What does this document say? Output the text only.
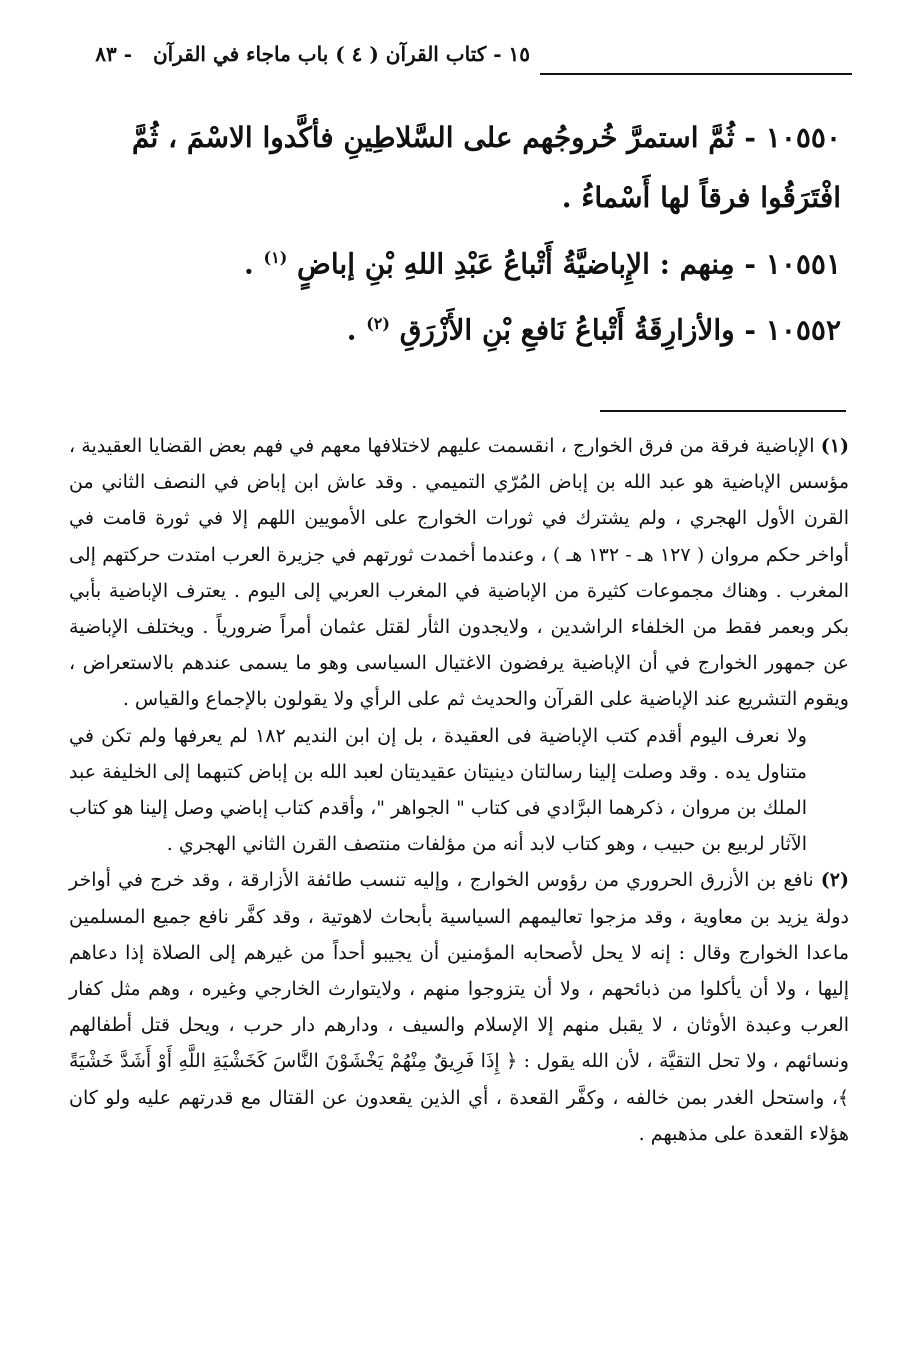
١٥ - كتاب القرآن ( ٤ ) باب ماجاء في القرآن   - ٨٣

١٠٥٥٠ - ثُمَّ استمرَّ خُروجُهم على السَّلاطِينِ فأكَّدوا الاسْمَ ، ثُمَّ افْتَرَقُوا فرقاً لها أَسْماءُ .

١٠٥٥١ - مِنهم : الإِباضيَّةُ أَتْباعُ عَبْدِ اللهِ بْنِ إباضٍ $^{(١)}$ .

١٠٥٥٢ - والأزارِقَةُ أَتْباعُ نَافعِ بْنِ الأَزْرَقِ $^{(٢)}$ .

(١) الإباضية فرقة من فرق الخوارج ، انقسمت عليهم لاختلافها معهم في فهم بعض القضايا العقيدية ، مؤسس الإباضية هو عبد الله بن إباض المُرّي التميمي . وقد عاش ابن إباض في النصف الثاني من القرن الأول الهجري ، ولم يشترك في ثورات الخوارج على الأمويين اللهم إلا في ثورة قامت في أواخر حكم مروان ( ١٢٧ هـ - ١٣٢ هـ ) ، وعندما أخمدت ثورتهم في جزيرة العرب امتدت حركتهم إلى المغرب . وهناك مجموعات كثيرة من الإباضية في المغرب العربي إلى اليوم . يعترف الإباضية بأبي بكر وبعمر فقط من الخلفاء الراشدين ، ولايجدون الثأر لقتل عثمان أمراً ضرورياً . ويختلف الإباضية عن جمهور الخوارج في أن الإباضية يرفضون الاغتيال السياسى وهو ما يسمى عندهم بالاستعراض ، ويقوم التشريع عند الإباضية على القرآن والحديث ثم على الرأي ولا يقولون بالإجماع والقياس .

ولا نعرف اليوم أقدم كتب الإباضية فى العقيدة ، بل إن ابن النديم ١٨٢ لم يعرفها ولم تكن في متناول يده . وقد وصلت إلينا رسالتان دينيتان عقيديتان لعبد الله بن إباض كتبهما إلى الخليفة عبد الملك بن مروان ، ذكرهما البرَّادي فى كتاب " الجواهر "، وأقدم كتاب إباضي وصل إلينا هو كتاب الآثار لربيع بن حبيب ، وهو كتاب لابد أنه من مؤلفات منتصف القرن الثاني الهجري .

(٢) نافع بن الأزرق الحروري من رؤوس الخوارج ، وإليه تنسب طائفة الأزارقة ، وقد خرج في أواخر دولة يزيد بن معاوية ، وقد مزجوا تعاليمهم السياسية بأبحاث لاهوتية ، وقد كفَّر نافع جميع المسلمين ماعدا الخوارج وقال : إنه لا يحل لأصحابه المؤمنين أن يجيبو أحداً من غيرهم إلى الصلاة إذا دعاهم إليها ، ولا أن يأكلوا من ذبائحهم ، ولا أن يتزوجوا منهم ، ولايتوارث الخارجي وغيره ، وهم مثل كفار العرب وعبدة الأوثان ، لا يقبل منهم إلا الإسلام والسيف ، ودارهم دار حرب ، ويحل قتل أطفالهم ونسائهم ، ولا تحل التقيَّة ، لأن الله يقول : ﴿ إِذَا فَرِيقٌ مِنْهُمْ يَخْشَوْنَ النَّاسَ كَخَشْيَةِ اللَّهِ أَوْ أَشَدَّ خَشْيَةً ﴾، واستحل الغدر بمن خالفه ، وكفَّر القعدة ، أي الذين يقعدون عن القتال مع قدرتهم عليه ولو كان هؤلاء القعدة على مذهبهم .
